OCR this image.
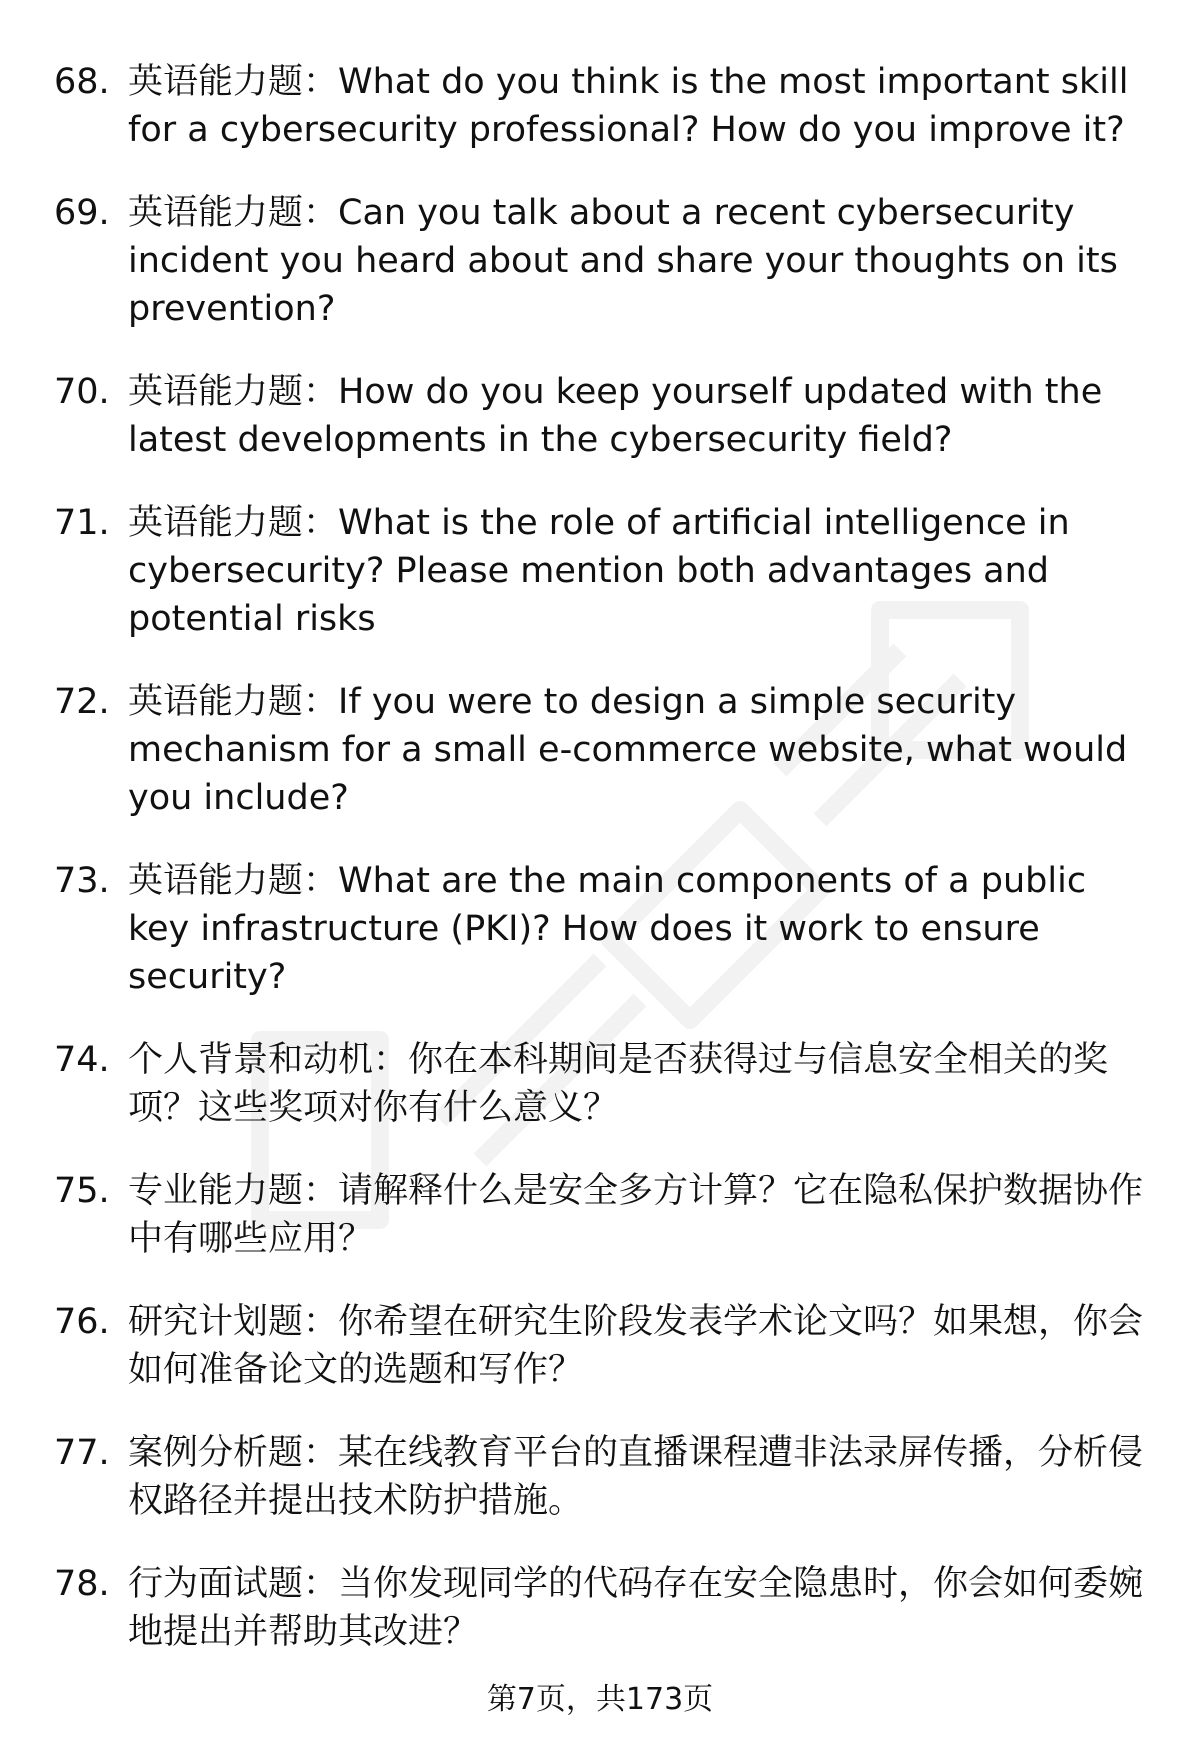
68. 英语能力题：What do you think is the most important skill for a cybersecurity professional? How do you improve it?
69. 英语能力题：Can you talk about a recent cybersecurity incident you heard about and share your thoughts on its prevention?
70. 英语能力题：How do you keep yourself updated with the latest developments in the cybersecurity field?
71. 英语能力题：What is the role of artificial intelligence in cybersecurity? Please mention both advantages and potential risks
72. 英语能力题：If you were to design a simple security mechanism for a small e-commerce website, what would you include?
73. 英语能力题：What are the main components of a public key infrastructure (PKI)? How does it work to ensure security?
74. 个人背景和动机：你在本科期间是否获得过与信息安全相关的奖项？这些奖项对你有什么意义？
75. 专业能力题：请解释什么是安全多方计算？它在隐私保护数据协作中有哪些应用？
76. 研究计划题：你希望在研究生阶段发表学术论文吗？如果想，你会如何准备论文的选题和写作？
77. 案例分析题：某在线教育平台的直播课程遭非法录屏传播，分析侵权路径并提出技术防护措施。
78. 行为面试题：当你发现同学的代码存在安全隐患时，你会如何委婉地提出并帮助其改进？
第7页，共173页
